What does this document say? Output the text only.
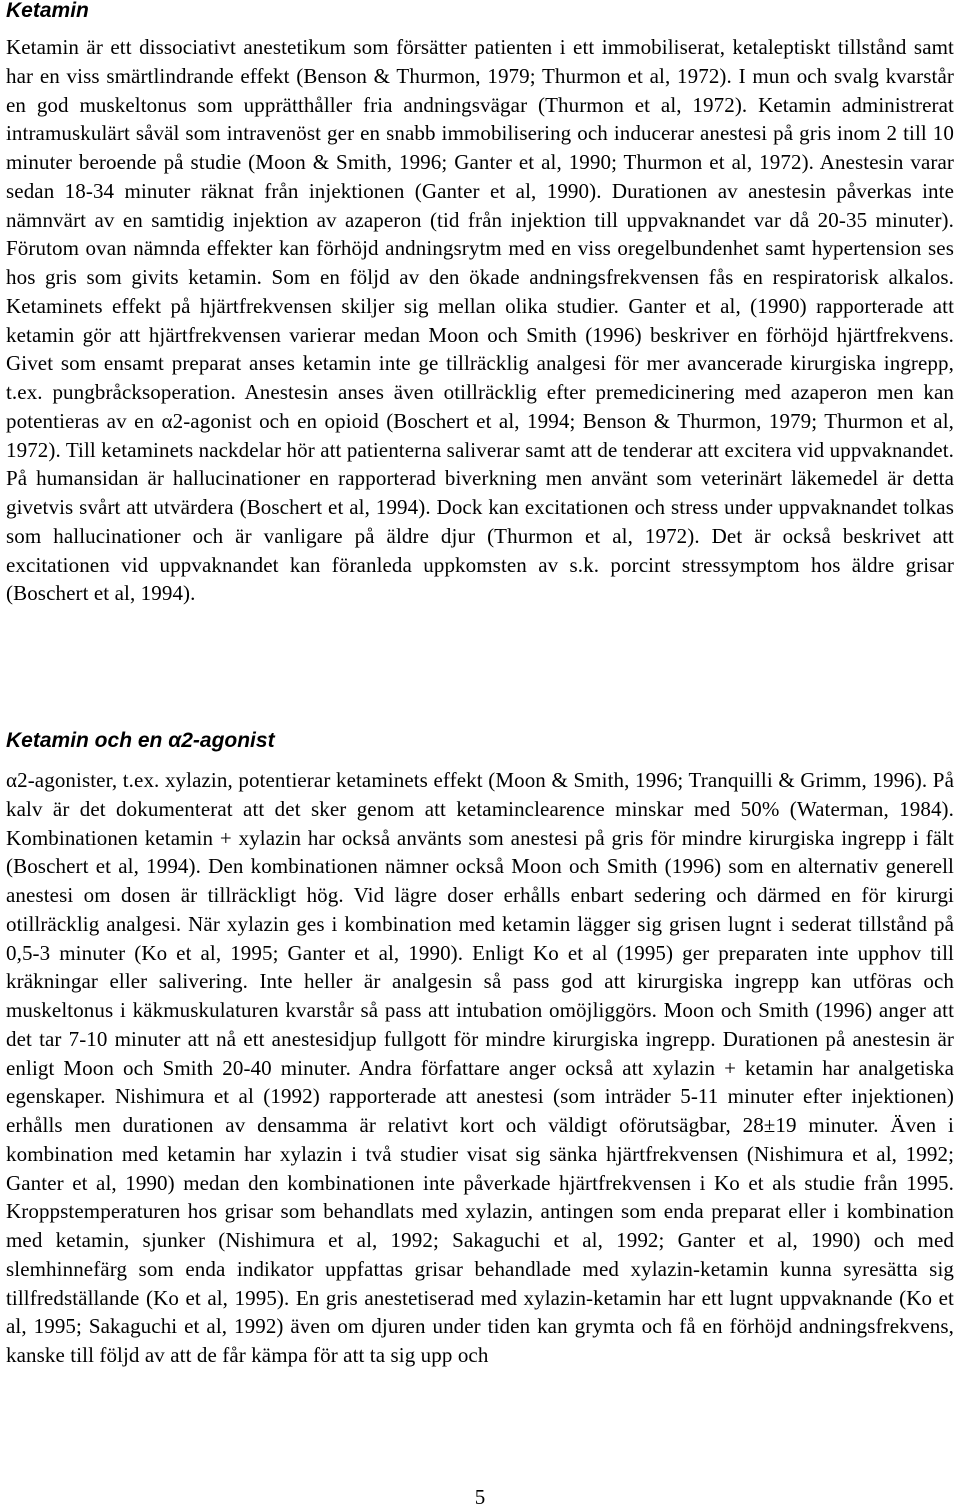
Ketamin

Ketamin är ett dissociativt anestetikum som försätter patienten i ett immobiliserat, ketaleptiskt tillstånd samt har en viss smärtlindrande effekt (Benson & Thurmon, 1979; Thurmon et al, 1972). I mun och svalg kvarstår en god muskeltonus som upprätthåller fria andningsvägar (Thurmon et al, 1972). Ketamin administrerat intramuskulärt såväl som intravenöst ger en snabb immobilisering och inducerar anestesi på gris inom 2 till 10 minuter beroende på studie (Moon & Smith, 1996; Ganter et al, 1990; Thurmon et al, 1972). Anestesin varar sedan 18-34 minuter räknat från injektionen (Ganter et al, 1990). Durationen av anestesin påverkas inte nämnvärt av en samtidig injektion av azaperon (tid från injektion till uppvaknandet var då 20-35 minuter). Förutom ovan nämnda effekter kan förhöjd andningsrytm med en viss oregelbundenhet samt hypertension ses hos gris som givits ketamin. Som en följd av den ökade andningsfrekvensen fås en respiratorisk alkalos. Ketaminets effekt på hjärtfrekvensen skiljer sig mellan olika studier. Ganter et al, (1990) rapporterade att ketamin gör att hjärtfrekvensen varierar medan Moon och Smith (1996) beskriver en förhöjd hjärtfrekvens. Givet som ensamt preparat anses ketamin inte ge tillräcklig analgesi för mer avancerade kirurgiska ingrepp, t.ex. pungbråcksoperation. Anestesin anses även otillräcklig efter premedicinering med azaperon men kan potentieras av en α2-agonist och en opioid (Boschert et al, 1994; Benson & Thurmon, 1979; Thurmon et al, 1972). Till ketaminets nackdelar hör att patienterna saliverar samt att de tenderar att excitera vid uppvaknandet. På humansidan är hallucinationer en rapporterad biverkning men använt som veterinärt läkemedel är detta givetvis svårt att utvärdera (Boschert et al, 1994). Dock kan excitationen och stress under uppvaknandet tolkas som hallucinationer och är vanligare på äldre djur (Thurmon et al, 1972). Det är också beskrivet att excitationen vid uppvaknandet kan föranleda uppkomsten av s.k. porcint stressymptom hos äldre grisar (Boschert et al, 1994).

Ketamin och en α2-agonist

α2-agonister, t.ex. xylazin, potentierar ketaminets effekt (Moon & Smith, 1996; Tranquilli & Grimm, 1996). På kalv är det dokumenterat att det sker genom att ketaminclearence minskar med 50% (Waterman, 1984). Kombinationen ketamin + xylazin har också använts som anestesi på gris för mindre kirurgiska ingrepp i fält (Boschert et al, 1994). Den kombinationen nämner också Moon och Smith (1996) som en alternativ generell anestesi om dosen är tillräckligt hög. Vid lägre doser erhålls enbart sedering och därmed en för kirurgi otillräcklig analgesi. När xylazin ges i kombination med ketamin lägger sig grisen lugnt i sederat tillstånd på 0,5-3 minuter (Ko et al, 1995; Ganter et al, 1990). Enligt Ko et al (1995) ger preparaten inte upphov till kräkningar eller salivering. Inte heller är analgesin så pass god att kirurgiska ingrepp kan utföras och muskeltonus i käkmuskulaturen kvarstår så pass att intubation omöjliggörs. Moon och Smith (1996) anger att det tar 7-10 minuter att nå ett anestesidjup fullgott för mindre kirurgiska ingrepp. Durationen på anestesin är enligt Moon och Smith 20-40 minuter. Andra författare anger också att xylazin + ketamin har analgetiska egenskaper. Nishimura et al (1992) rapporterade att anestesi (som inträder 5-11 minuter efter injektionen) erhålls men durationen av densamma är relativt kort och väldigt oförutsägbar, 28±19 minuter. Även i kombination med ketamin har xylazin i två studier visat sig sänka hjärtfrekvensen (Nishimura et al, 1992; Ganter et al, 1990) medan den kombinationen inte påverkade hjärtfrekvensen i Ko et als studie från 1995. Kroppstemperaturen hos grisar som behandlats med xylazin, antingen som enda preparat eller i kombination med ketamin, sjunker (Nishimura et al, 1992; Sakaguchi et al, 1992; Ganter et al, 1990) och med slemhinnefärg som enda indikator uppfattas grisar behandlade med xylazin-ketamin kunna syresätta sig tillfredställande (Ko et al, 1995). En gris anestetiserad med xylazin-ketamin har ett lugnt uppvaknande (Ko et al, 1995; Sakaguchi et al, 1992) även om djuren under tiden kan grymta och få en förhöjd andningsfrekvens, kanske till följd av att de får kämpa för att ta sig upp och

5
